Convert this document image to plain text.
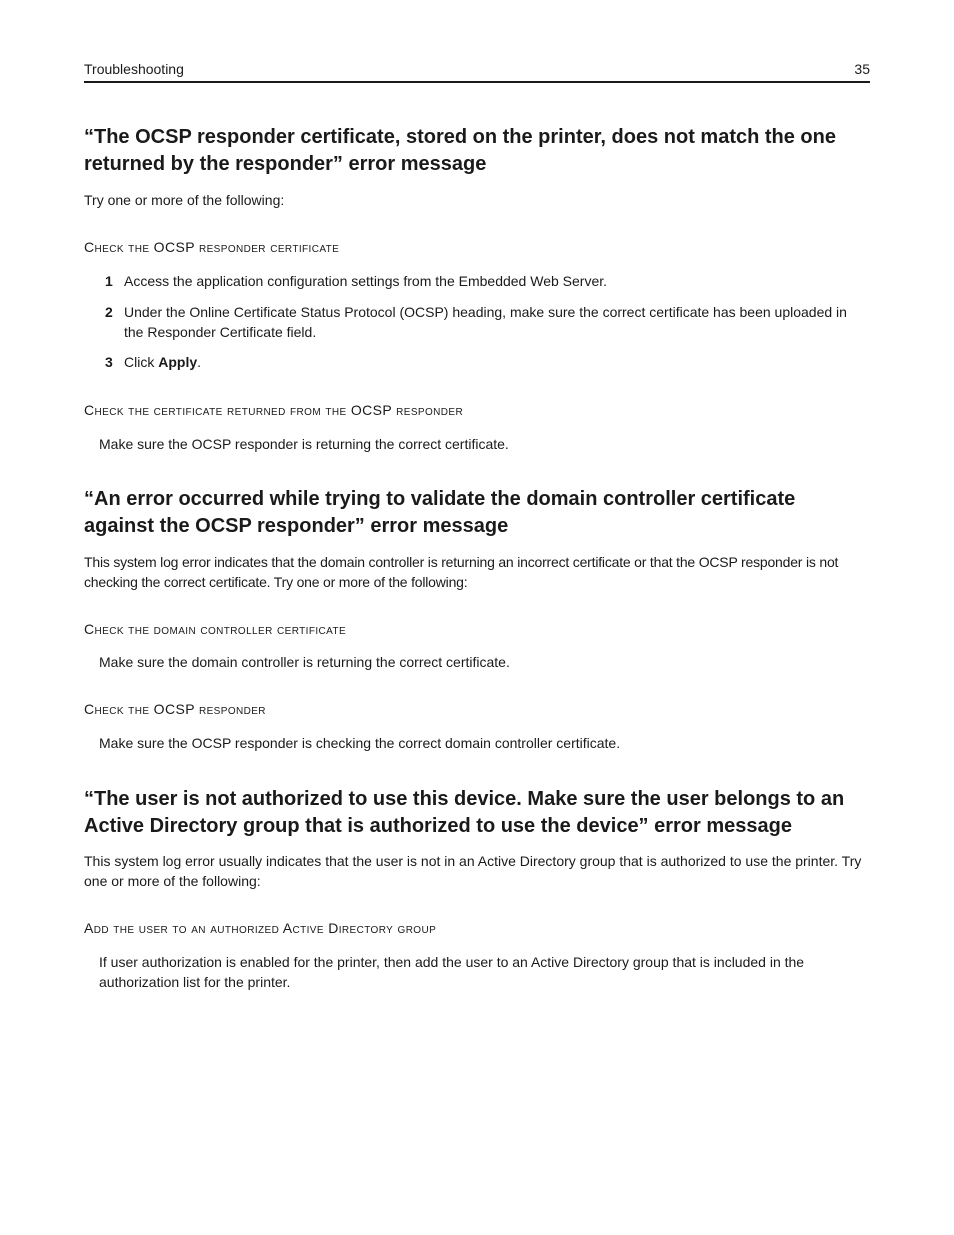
Troubleshooting	35
“The OCSP responder certificate, stored on the printer, does not match the one returned by the responder” error message

Try one or more of the following:

Check the OCSP responder certificate
1 Access the application configuration settings from the Embedded Web Server.
2 Under the Online Certificate Status Protocol (OCSP) heading, make sure the correct certificate has been uploaded in the Responder Certificate field.
3 Click Apply.
Check the certificate returned from the OCSP responder

Make sure the OCSP responder is returning the correct certificate.

“An error occurred while trying to validate the domain controller certificate against the OCSP responder” error message

This system log error indicates that the domain controller is returning an incorrect certificate or that the OCSP responder is not checking the correct certificate. Try one or more of the following:

Check the domain controller certificate

Make sure the domain controller is returning the correct certificate.

Check the OCSP responder

Make sure the OCSP responder is checking the correct domain controller certificate.

“The user is not authorized to use this device. Make sure the user belongs to an Active Directory group that is authorized to use the device” error message

This system log error usually indicates that the user is not in an Active Directory group that is authorized to use the printer. Try one or more of the following:

Add the user to an authorized Active Directory group

If user authorization is enabled for the printer, then add the user to an Active Directory group that is included in the authorization list for the printer.
